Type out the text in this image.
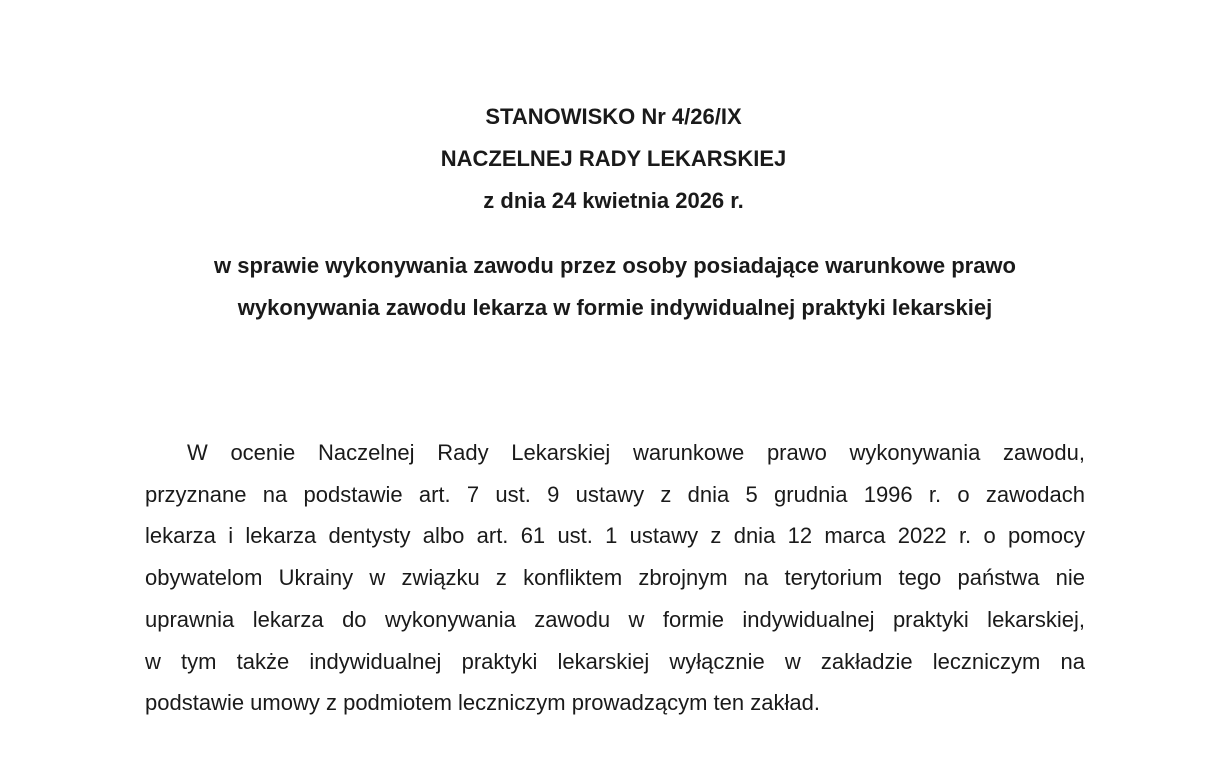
STANOWISKO Nr 4/26/IX
NACZELNEJ RADY LEKARSKIEJ
z dnia 24 kwietnia 2026 r.
w sprawie wykonywania zawodu przez osoby posiadające warunkowe prawo
wykonywania zawodu lekarza w formie indywidualnej praktyki lekarskiej
W ocenie Naczelnej Rady Lekarskiej warunkowe prawo wykonywania zawodu,
przyznane na podstawie art. 7 ust. 9 ustawy z dnia 5 grudnia 1996 r. o zawodach
lekarza i lekarza dentysty albo art. 61 ust. 1 ustawy z dnia 12 marca 2022 r. o pomocy
obywatelom Ukrainy w związku z konfliktem zbrojnym na terytorium tego państwa nie
uprawnia lekarza do wykonywania zawodu w formie indywidualnej praktyki lekarskiej,
w tym także indywidualnej praktyki lekarskiej wyłącznie w zakładzie leczniczym na
podstawie umowy z podmiotem leczniczym prowadzącym ten zakład.
